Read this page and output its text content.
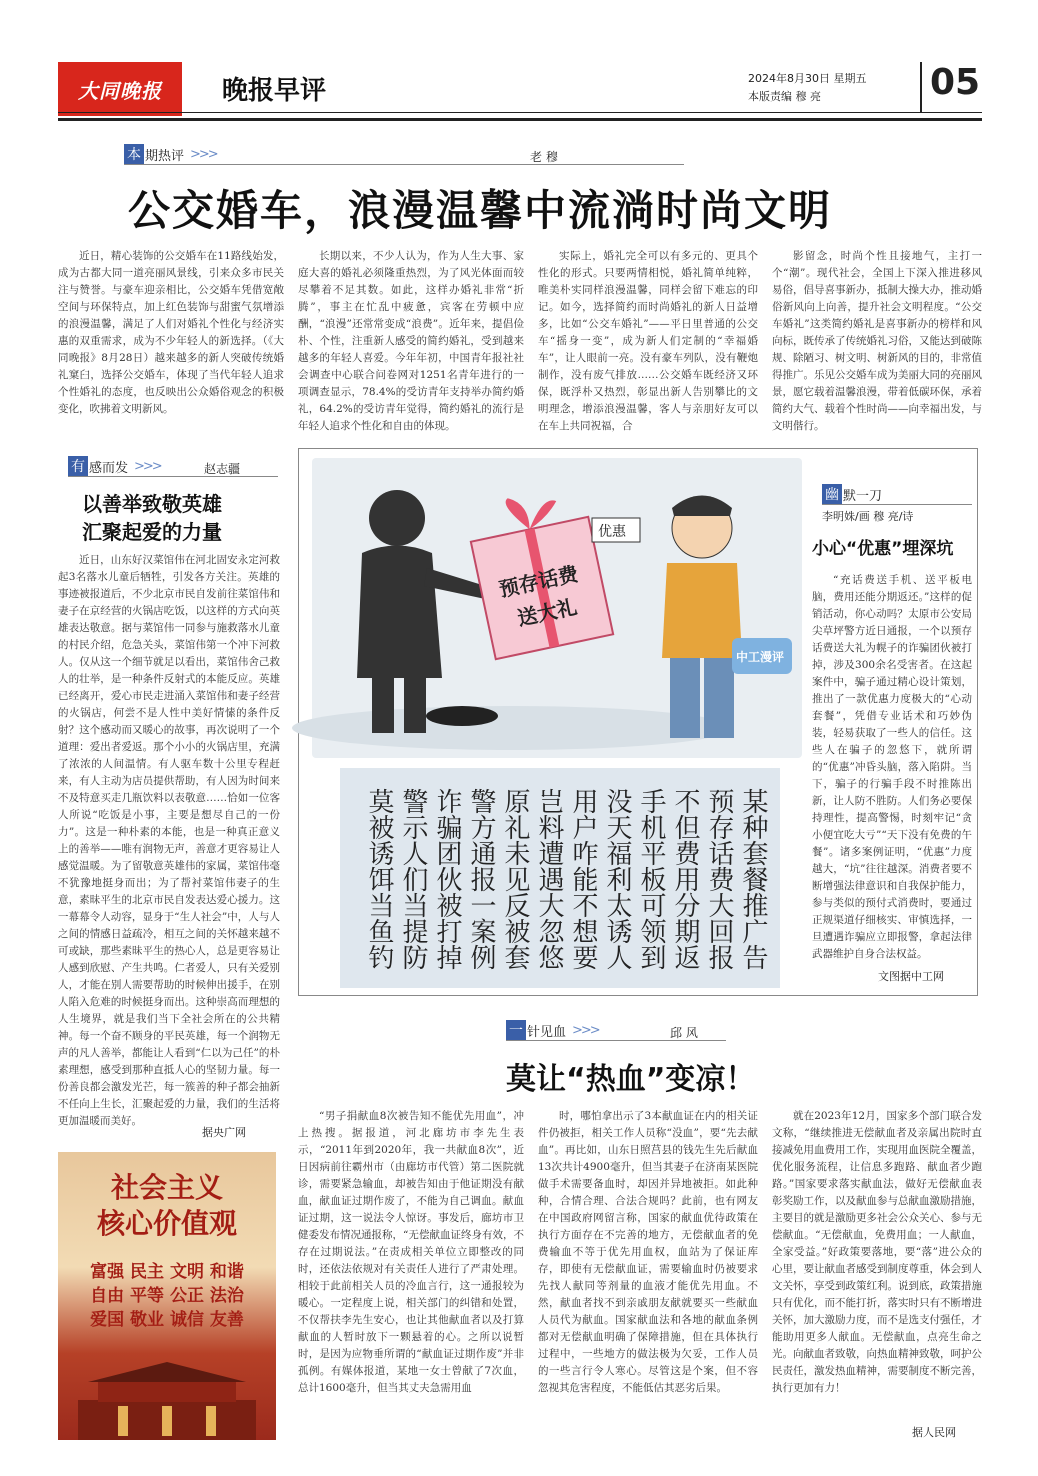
大同晚报	晚报早评	2024年8月30日 星期五
本版责编 穆 亮	05
本 期热评 >>>	老 穆
公交婚车，浪漫温馨中流淌时尚文明
近日，精心装饰的公交婚车在11路线始发，成为古都大同一道亮丽风景线，引来众多市民关注与赞誉。与豪车迎亲相比，公交婚车凭借宽敞空间与环保特点，加上红色装饰与甜蜜气氛增添的浪漫温馨，满足了人们对婚礼个性化与经济实惠的双重需求，成为不少年轻人的新选择。（《大同晚报》8月28日）越来越多的新人突破传统婚礼窠臼，选择公交婚车，体现了当代年轻人追求个性婚礼的态度，也反映出公众婚俗观念的积极变化，吹拂着文明新风。
长期以来，不少人认为，作为人生大事、家庭大喜的婚礼必须隆重热烈，为了风光体面而较尽攀着不足其数。如此，这样办婚礼非常“折腾”，事主在忙乱中疲惫，宾客在劳顿中应酬，“浪漫”还常常变成“浪费”。近年来，提倡俭朴、个性，注重新人感受的简约婚礼，受到越来越多的年轻人喜爱。今年年初，中国青年报社社会调查中心联合问卷网对1251名青年进行的一项调查显示，78.4%的受访青年支持举办简约婚礼，64.2%的受访青年觉得，简约婚礼的流行是年轻人追求个性化和自由的体现。
实际上，婚礼完全可以有多元的、更具个性化的形式。只要两情相悦，婚礼简单纯粹，唯美朴实同样浪漫温馨，同样会留下难忘的印记。如今，选择简约而时尚婚礼的新人日益增多，比如“公交车婚礼”——平日里普通的公交车“摇身一变”，成为新人们定制的“幸福婚车”，让人眼前一亮。没有豪车列队，没有鞭炮制作，没有废气排放……公交婚车既经济又环保，既浮朴又热烈，彰显出新人告别攀比的文明理念，增添浪漫温馨，客人与亲朋好友可以在车上共同祝福，合
影留念，时尚个性且接地气，主打一个“潮”。现代社会，全国上下深入推进移风易俗，倡导喜事新办，抵制大操大办，推动婚俗新风向上向善，提升社会文明程度。“公交车婚礼”这类简约婚礼是喜事新办的榜样和风向标，既传承了传统婚礼习俗，又能达到破陈规、除陋习、树文明、树新风的目的，非常值得推广。乐见公交婚车成为美丽大同的亮丽风景，愿它载着温馨浪漫，带着低碳环保，承着简约大气、载着个性时尚——向幸福出发，与文明偕行。
有 感而发 >>>	赵志疆
以善举致敬英雄
汇聚起爱的力量
近日，山东好汉菜馆伟在河北固安永定河救起3名落水儿童后牺牲，引发各方关注。英雄的事迹被报道后，不少北京市民自发前往菜馆伟和妻子在京经营的火锅店吃饭，以这样的方式向英雄表达敬意。据与菜馆伟一同参与施救落水儿童的村民介绍，危急关头，菜馆伟第一个冲下河救人。仅从这一个细节就足以看出，菜馆伟舍己救人的壮举，是一种条件反射式的本能反应。英雄已经离开，爱心市民走进涌入菜馆伟和妻子经营的火锅店，何尝不是人性中美好情愫的条件反射？这个感动而又暖心的故事，再次说明了一个道理：爱出者爱返。那个小小的火锅店里，充满了浓浓的人间温情。有人驱车数十公里专程赶来，有人主动为店员提供帮助，有人因为时间来不及特意买走几瓶饮料以表敬意……恰如一位客人所说“吃饭是小事，主要是想尽自己的一份力”。这是一种朴素的本能，也是一种真正意义上的善举——唯有润物无声，善意才更容易让人感觉温暖。为了留敬意英雄伟的家属，菜馆伟毫不犹豫地挺身而出；为了帮衬菜馆伟妻子的生意，素昧平生的北京市民自发表达爱心援力。这一幕幕令人动容，显身于“生人社会”中，人与人之间的情感日益疏冷，相互之间的关怀越来越不可或缺，那些素昧平生的热心人，总是更容易让人感到欣慰、产生共鸣。仁者爱人，只有关爱别人，才能在别人需要帮助的时候伸出援手，在别人陷入危难的时候挺身而出。这种崇高而理想的人生境界，就是我们当下全社会所在的公共精神。每一个奋不顾身的平民英雄，每一个润物无声的凡人善举，都能让人看到“仁以为己任”的朴素理想，感受到那种直抵人心的坚韧力量。每一份善良都会激发光芒，每一簇善的种子都会抽新不任向上生长，汇聚起爱的力量，我们的生活将更加温暖而美好。
据央广网
预存话费
送大礼
优惠
中工漫评
幽 默一刀
李明姝/画 穆 亮/诗
小心“优惠”埋深坑
“充话费送手机、送平板电脑，费用还能分期返还。”这样的促销活动，你心动吗？太原市公安局尖草坪警方近日通报，一个以预存话费送大礼为幌子的诈骗团伙被打掉，涉及300余名受害者。在这起案件中，骗子通过精心设计策划，推出了一款优惠力度极大的“心动套餐”，凭借专业话术和巧妙伪装，轻易获取了一些人的信任。这些人在骗子的忽悠下，就所谓的“优惠”冲昏头脑，落入陷阱。当下，骗子的行骗手段不时推陈出新，让人防不胜防。人们务必要保持理性，提高警惕，时刻牢记“贪小便宜吃大亏”“天下没有免费的午餐”。诸多案例证明，“优惠”力度越大，“坑”往往越深。消费者要不断增强法律意识和自我保护能力，参与类似的预付式消费时，要通过正规渠道仔细核实、审慎选择，一旦遭遇诈骗应立即报警，拿起法律武器维护自身合法权益。
文图据中工网
某种套餐推广告
预存话费大回报
不但费用分期返
手机平板可领到
没天福利太诱人
用户咋能不想要
岂料遭遇大忽悠
原礼未见反被套
警方通报一案例
诈骗团伙被打掉
警示人们当提防
莫被诱饵当鱼钓
一 针见血 >>>	邱 风
莫让“热血”变凉！
“男子捐献血8次被告知不能优先用血”，冲上热搜。据报道，河北廊坊市李先生表示，“2011年到2020年，我一共献血8次”，近日因病前往霸州市（由廊坊市代管）第二医院就诊，需要紧急输血，却被告知由于他证期没有献血，献血证过期作废了，不能为自己调血。献血证过期，这一说法令人惊讶。事发后，廊坊市卫健委发布情况通报称，“无偿献血证终身有效，不存在过期说法。”在责成相关单位立即整改的同时，还依法依规对有关责任人进行了严肃处理。相较于此前相关人员的冷血言行，这一通报较为暖心。一定程度上说，相关部门的纠错和处置，不仅帮扶李先生安心，也让其他献血者以及打算献血的人暂时放下一颗悬着的心。之所以说暂时，是因为应物垂所谓的“献血证过期作废”并非孤例。有媒体报道，某地一女士曾献了7次血，总计1600毫升，但当其丈夫急需用血
时，哪怕拿出示了3本献血证在内的相关证件仍被拒，相关工作人员称“没血”，要“先去献血”。再比如，山东日照莒县的钱先生先后献血13次共计4900毫升，但当其妻子在济南某医院做手术需要备血时，却因并异地被拒。如此种种，合情合理、合法合规吗？此前，也有网友在中国政府网留言称，国家的献血优待政策在执行方面存在不完善的地方，无偿献血者的免费输血不等于优先用血权，血站为了保证库存，即使有无偿献血证，需要输血时仍被要求先找人献同等剂量的血液才能优先用血。不然，献血者找不到亲戚朋友献就要买一些献血人员代为献血。国家献血法和各地的献血条例都对无偿献血明确了保障措施，但在具体执行过程中，一些地方的做法极为欠妥，工作人员的一些言行令人寒心。尽管这是个案，但不容忽视其危害程度，不能低估其恶劣后果。
就在2023年12月，国家多个部门联合发文称，“继续推进无偿献血者及亲属出院时直接减免用血费用工作，实现用血医院全覆盖，优化服务流程，让信息多跑路、献血者少跑路。”国家要求落实献血法，做好无偿献血表彰奖励工作，以及献血参与总献血激励措施，主要目的就是激励更多社会公众关心、参与无偿献血。“无偿献血，免费用血；一人献血，全家受益。”好政策要落地，要“落”进公众的心里，要让献血者感受到制度尊重，体会到人文关怀，享受到政策红利。说到底，政策措施只有优化，而不能打折，落实时只有不断增进关怀，加大激励力度，而不是选支付强任，才能助用更多人献血。无偿献血，点亮生命之光。向献血者致敬，向热血精神致敬，呵护公民责任，激发热血精神，需要制度不断完善，执行更加有力！
据人民网
社会主义
核心价值观
富强 民主 文明 和谐
自由 平等 公正 法治
爱国 敬业 诚信 友善
